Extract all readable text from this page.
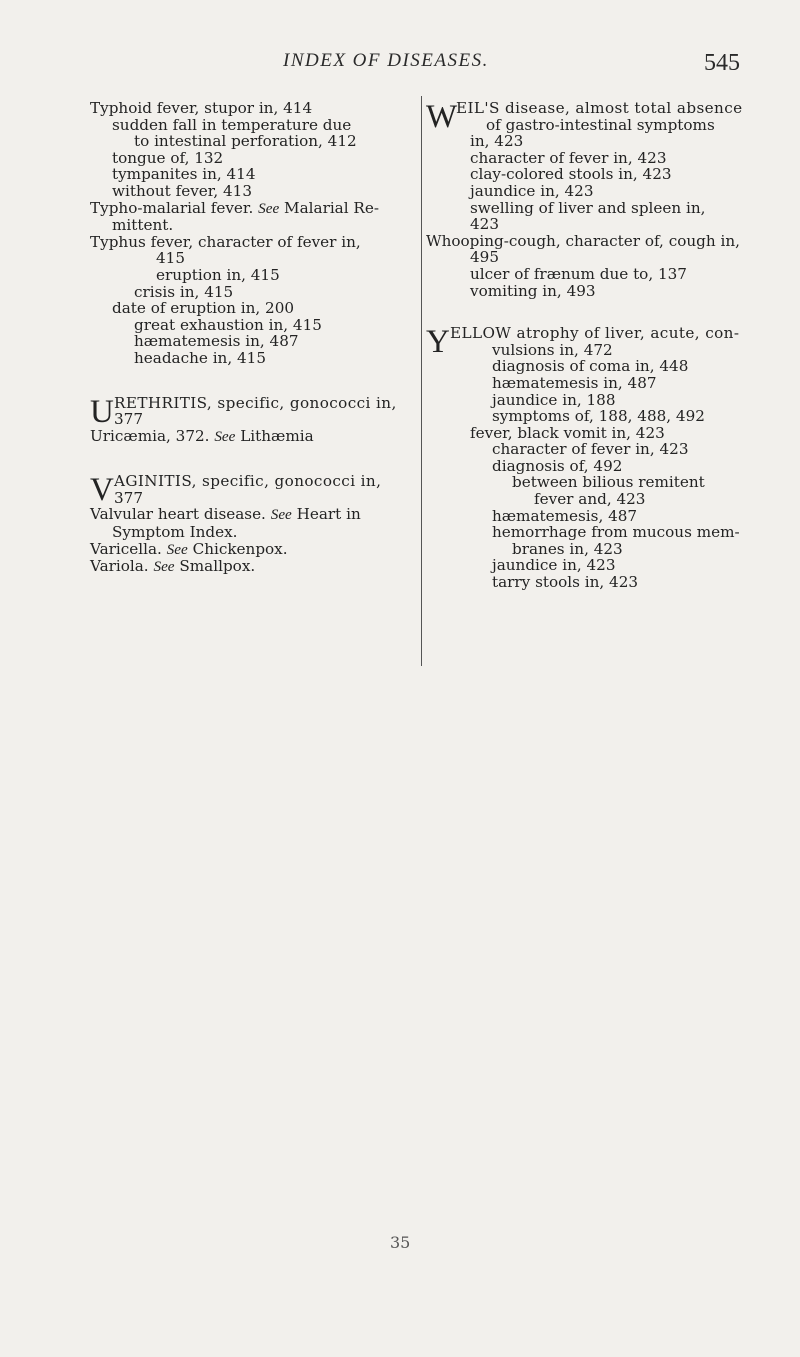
INDEX OF DISEASES.	545
Typhoid fever, stupor in, 414
sudden fall in temperature due
to intestinal perforation, 412
tongue of, 132
tympanites in, 414
without fever, 413
Typho-malarial fever. See Malarial Re-
mittent.
Typhus fever, character of fever in,
415
eruption in, 415
crisis in, 415
date of eruption in, 200
great exhaustion in, 415
hæmatemesis in, 487
headache in, 415
U RETHRITIS, specific, gonococci in,
377
Uricæmia, 372. See Lithæmia
V AGINITIS, specific, gonococci in,
377
Valvular heart disease. See Heart in
Symptom Index.
Varicella. See Chickenpox.
Variola. See Smallpox.
W
EIL'S disease, almost total absence
of gastro-intestinal symptoms
in, 423
character of fever in, 423
clay-colored stools in, 423
jaundice in, 423
swelling of liver and spleen in,
423
Whooping-cough, character of, cough in,
495
ulcer of frænum due to, 137
vomiting in, 493
Y ELLOW atrophy of liver, acute, con-
vulsions in, 472
diagnosis of coma in, 448
hæmatemesis in, 487
jaundice in, 188
symptoms of, 188, 488, 492
fever, black vomit in, 423
character of fever in, 423
diagnosis of, 492
between bilious remitent
fever and, 423
hæmatemesis, 487
hemorrhage from mucous mem-
branes in, 423
jaundice in, 423
tarry stools in, 423
35
